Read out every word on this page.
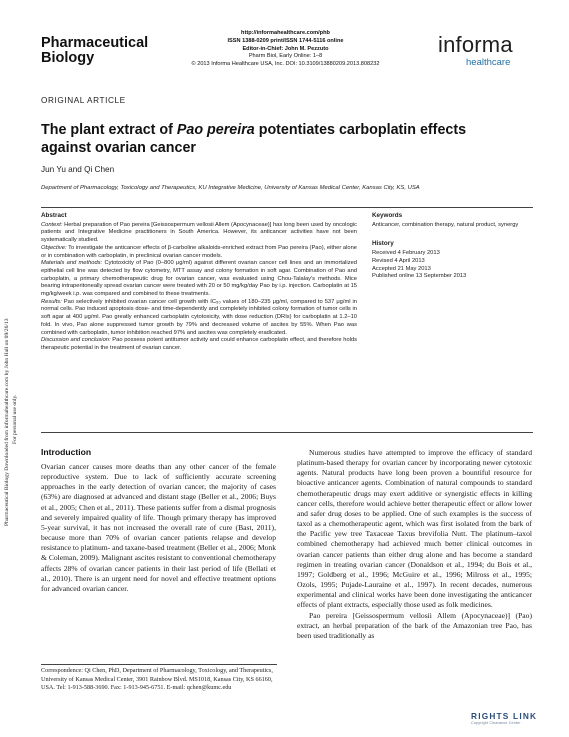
Pharmaceutical Biology Downloaded from informahealthcare.com by John Hall on 09/26/13 For personal use only.
Pharmaceutical
Biology
http://informahealthcare.com/phb
ISSN 1388-0209 print/ISSN 1744-5116 online
Editor-in-Chief: John M. Pezzuto
Pharm Biol, Early Online: 1–8
© 2013 Informa Healthcare USA, Inc. DOI: 10.3109/13880209.2013.808232
informa
healthcare
ORIGINAL ARTICLE
The plant extract of Pao pereira potentiates carboplatin effects against ovarian cancer
Jun Yu and Qi Chen
Department of Pharmacology, Toxicology and Therapeutics, KU Integrative Medicine, University of Kansas Medical Center, Kansas City, KS, USA
Abstract

Context: Herbal preparation of Pao pereira [Geissospermum vellosii Allem (Apocynaceae)] has long been used by oncologic patients and Integrative Medicine practitioners in South America. However, its anticancer activities have not been systematically studied.

Objective: To investigate the anticancer effects of β-carboline alkaloids-enriched extract from Pao pereira (Pao), either alone or in combination with carboplatin, in preclinical ovarian cancer models.

Materials and methods: Cytotoxicity of Pao (0–800 μg/ml) against different ovarian cancer cell lines and an immortalized epithelial cell line was detected by flow cytometry, MTT assay and colony formation in soft agar. Combination of Pao and carboplatin, a primary chemotherapeutic drug for ovarian cancer, was evaluated using Chou-Talalay's methods. Mice bearing intraperitoneally spread ovarian cancer were treated with 20 or 50 mg/kg/day Pao by i.p. injection. Carboplatin at 15 mg/kg/week i.p. was compared and combined to these treatments.

Results: Pao selectively inhibited ovarian cancer cell growth with IC₅₀ values of 180–235 μg/ml, compared to 537 μg/ml in normal cells. Pao induced apoptosis dose- and time-dependently and completely inhibited colony formation of tumor cells in soft agar at 400 μg/ml. Pao greatly enhanced carboplatin cytotoxicity, with dose reduction (DRIs) for carboplatin at 1.2–10 fold. In vivo, Pao alone suppressed tumor growth by 79% and decreased volume of ascites by 55%. When Pao was combined with carboplatin, tumor inhibition reached 97% and ascites was completely eradicated.

Discussion and conclusion: Pao possess potent antitumor activity and could enhance carboplatin effect, and therefore holds therapeutic potential in the treatment of ovarian cancer.

Keywords
Anticancer, combination therapy, natural product, synergy
History
Received 4 February 2013
Revised 4 April 2013
Accepted 21 May 2013
Published online 13 September 2013
Introduction

Ovarian cancer causes more deaths than any other cancer of the female reproductive system. Due to lack of sufficiently accurate screening approaches in the early detection of ovarian cancer, the majority of cases (63%) are diagnosed at advanced and distant stage (Beller et al., 2006; Buys et al., 2005; Chen et al., 2011). These patients suffer from a dismal prognosis and severely impaired quality of life. Though primary therapy has improved 5-year survival, it has not increased the overall rate of cure (Bast, 2011), because more than 70% of ovarian cancer patients relapse and develop resistance to platinum- and taxane-based treatment (Beller et al., 2006; Monk & Coleman, 2009). Malignant ascites resistant to conventional chemotherapy affects 28% of ovarian cancer patients in their last period of life (Bellati et al., 2010). There is an urgent need for novel and effective treatment options for advanced ovarian cancer.

Numerous studies have attempted to improve the efficacy of standard platinum-based therapy for ovarian cancer by incorporating newer cytotoxic agents. Natural products have long been proven a bountiful resource for bioactive anticancer agents. Combination of natural compounds to standard chemotherapeutic drugs may exert additive or synergistic effects in killing cancer cells, therefore would achieve better therapeutic effect or allow lower and safer drug doses to be applied. One of such examples is the success of taxol as a chemotherapeutic agent, which was first isolated from the bark of the Pacific yew tree Taxaceae Taxus brevifolia Nutt. The platinum–taxol combined chemotherapy had achieved much better clinical outcomes in ovarian cancer patients than either drug alone and has become a standard regimen in treating ovarian cancer (Donaldson et al., 1994; du Bois et al., 1997; Goldberg et al., 1996; McGuire et al., 1996; Milross et al., 1995; Ozols, 1995; Pujade-Lauraine et al., 1997). In recent decades, numerous experimental and clinical works have been done investigating the anticancer effects of plant extracts, especially those used as folk medicines.

Pao pereira [Geissospermum vellosii Allem (Apocynaceae)] (Pao) extract, an herbal preparation of the bark of the Amazonian tree Pao, has been used traditionally as

Correspondence: Qi Chen, PhD, Department of Pharmacology, Toxicology, and Therapeutics, University of Kansas Medical Center, 3901 Rainbow Blvd. MS1018, Kansas City, KS 66160, USA. Tel: 1-913-588-3690. Fax: 1-913-945-6751. E-mail: qchen@kumc.edu
RIGHTS LINK
Copyright Clearance Center
